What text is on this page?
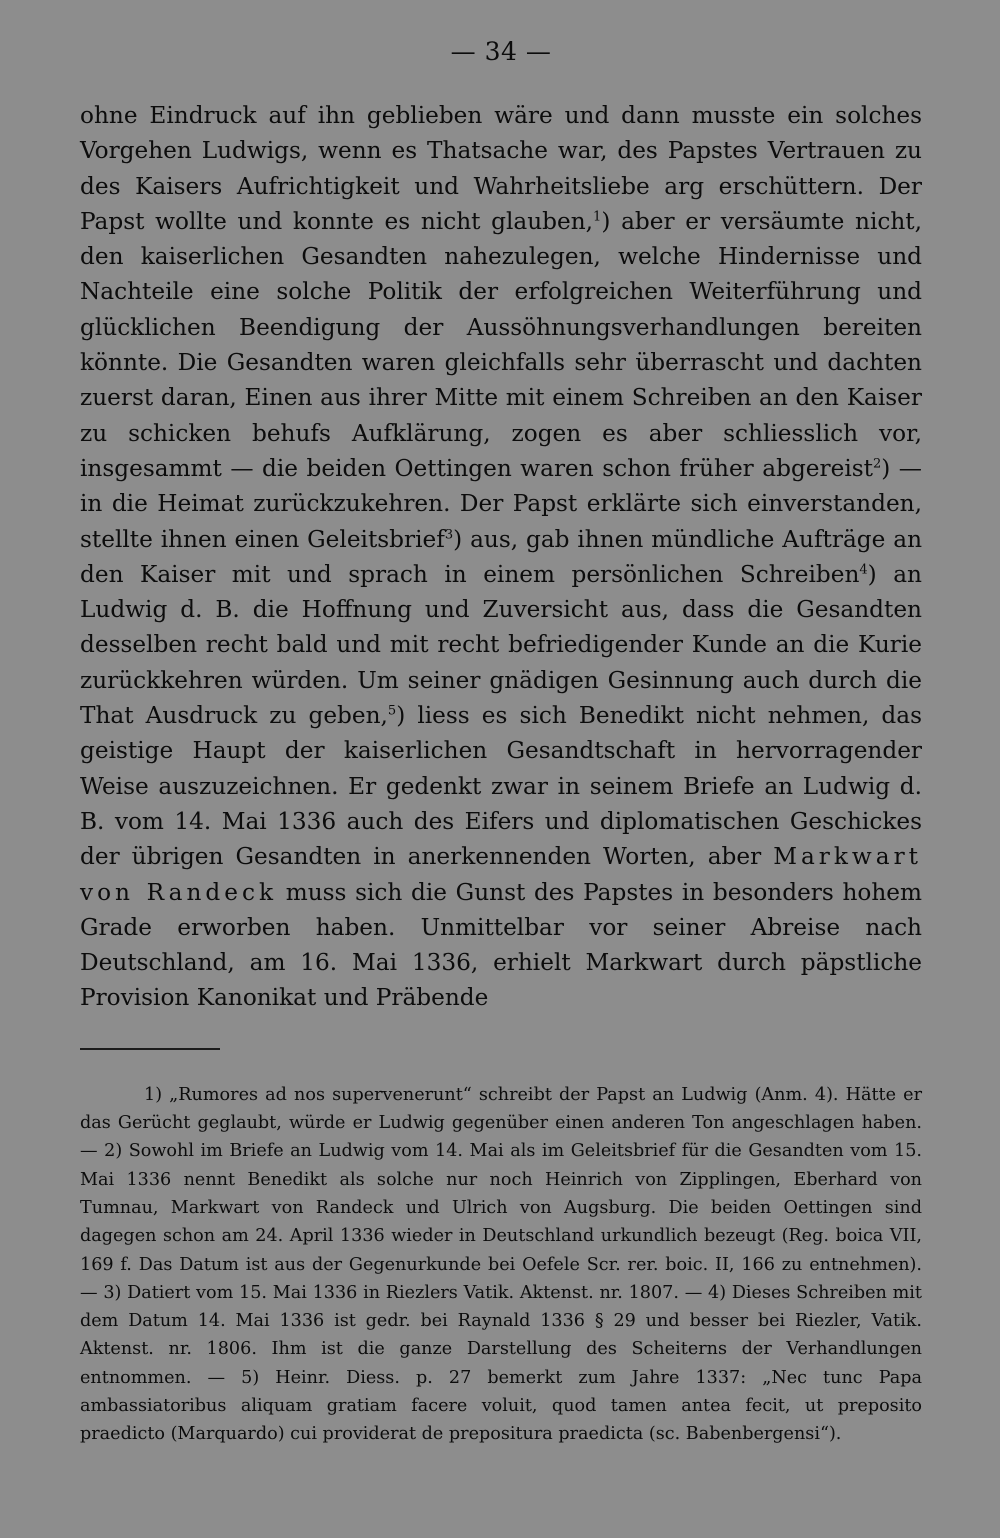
— 34 —

ohne Eindruck auf ihn geblieben wäre und dann musste ein solches Vorgehen Ludwigs, wenn es Thatsache war, des Papstes Vertrauen zu des Kaisers Aufrichtigkeit und Wahrheitsliebe arg erschüttern. Der Papst wollte und konnte es nicht glauben,$^1$) aber er versäumte nicht, den kaiserlichen Gesandten nahezulegen, welche Hindernisse und Nachteile eine solche Politik der erfolgreichen Weiterführung und glücklichen Beendigung der Aussöhnungsverhandlungen bereiten könnte. Die Gesandten waren gleichfalls sehr überrascht und dachten zuerst daran, Einen aus ihrer Mitte mit einem Schreiben an den Kaiser zu schicken behufs Aufklärung, zogen es aber schliesslich vor, insgesammt — die beiden Oettingen waren schon früher abgereist$^2$) — in die Heimat zurückzukehren. Der Papst erklärte sich einverstanden, stellte ihnen einen Geleitsbrief$^3$) aus, gab ihnen mündliche Aufträge an den Kaiser mit und sprach in einem persönlichen Schreiben$^4$) an Ludwig d. B. die Hoffnung und Zuversicht aus, dass die Gesandten desselben recht bald und mit recht befriedigender Kunde an die Kurie zurückkehren würden. Um seiner gnädigen Gesinnung auch durch die That Ausdruck zu geben,$^5$) liess es sich Benedikt nicht nehmen, das geistige Haupt der kaiserlichen Gesandtschaft in hervorragender Weise auszuzeichnen. Er gedenkt zwar in seinem Briefe an Ludwig d. B. vom 14. Mai 1336 auch des Eifers und diplomatischen Geschickes der übrigen Gesandten in anerkennenden Worten, aber Markwart von Randeck muss sich die Gunst des Papstes in besonders hohem Grade erworben haben. Unmittelbar vor seiner Abreise nach Deutschland, am 16. Mai 1336, erhielt Markwart durch päpstliche Provision Kanonikat und Präbende

1) „Rumores ad nos supervenerunt“ schreibt der Papst an Ludwig (Anm. 4). Hätte er das Gerücht geglaubt, würde er Ludwig gegenüber einen anderen Ton angeschlagen haben. — 2) Sowohl im Briefe an Ludwig vom 14. Mai als im Geleitsbrief für die Gesandten vom 15. Mai 1336 nennt Benedikt als solche nur noch Heinrich von Zipplingen, Eberhard von Tumnau, Markwart von Randeck und Ulrich von Augsburg. Die beiden Oettingen sind dagegen schon am 24. April 1336 wieder in Deutschland urkundlich bezeugt (Reg. boica VII, 169 f. Das Datum ist aus der Gegenurkunde bei Oefele Scr. rer. boic. II, 166 zu entnehmen). — 3) Datiert vom 15. Mai 1336 in Riezlers Vatik. Aktenst. nr. 1807. — 4) Dieses Schreiben mit dem Datum 14. Mai 1336 ist gedr. bei Raynald 1336 § 29 und besser bei Riezler, Vatik. Aktenst. nr. 1806. Ihm ist die ganze Darstellung des Scheiterns der Verhandlungen entnommen. — 5) Heinr. Diess. p. 27 bemerkt zum Jahre 1337: „Nec tunc Papa ambassiatoribus aliquam gratiam facere voluit, quod tamen antea fecit, ut preposito praedicto (Marquardo) cui providerat de prepositura praedicta (sc. Babenbergensi“).
